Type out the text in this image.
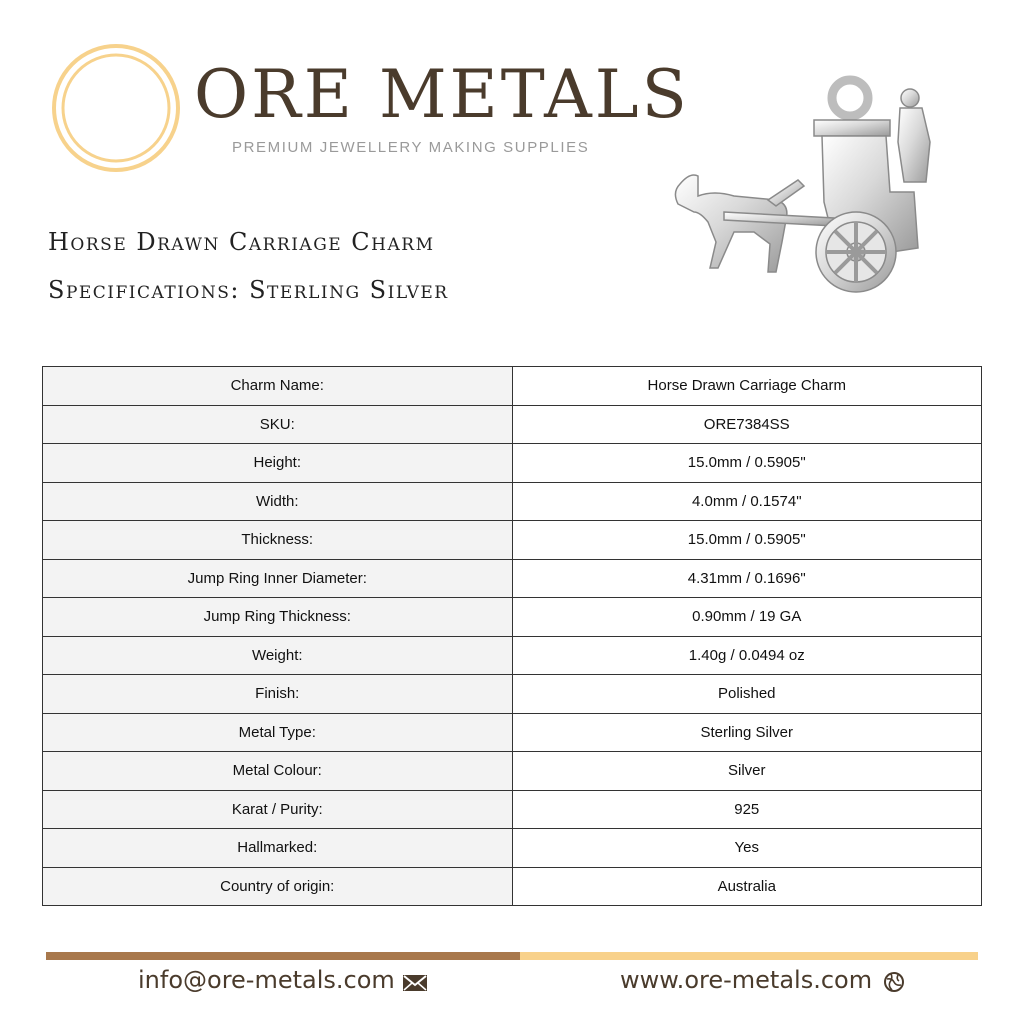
ORE METALS
PREMIUM JEWELLERY MAKING SUPPLIES
Horse Drawn Carriage Charm
Specifications: Sterling Silver
Charm Name:	Horse Drawn Carriage Charm
SKU:	ORE7384SS
Height:	15.0mm / 0.5905"
Width:	4.0mm / 0.1574"
Thickness:	15.0mm / 0.5905"
Jump Ring Inner Diameter:	4.31mm / 0.1696"
Jump Ring Thickness:	0.90mm / 19 GA
Weight:	1.40g / 0.0494 oz
Finish:	Polished
Metal Type:	Sterling Silver
Metal Colour:	Silver
Karat / Purity:	925
Hallmarked:	Yes
Country of origin:	Australia
info@ore-metals.com	www.ore-metals.com
